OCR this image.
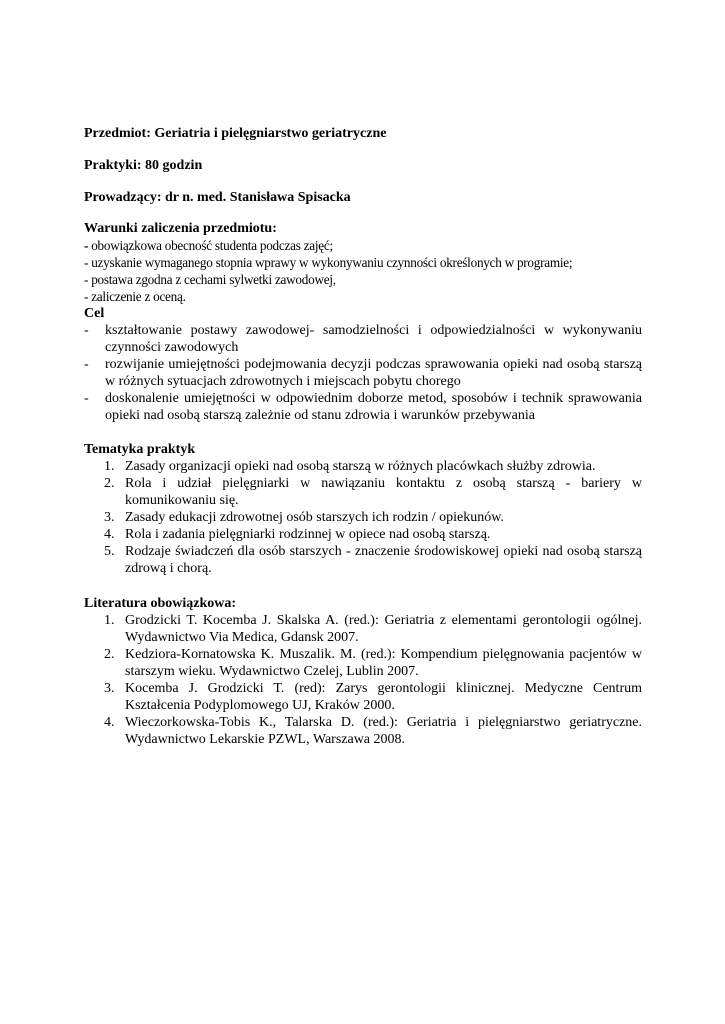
Przedmiot: Geriatria i pielęgniarstwo geriatryczne

Praktyki: 80 godzin

Prowadzący: dr n. med. Stanisława Spisacka

Warunki zaliczenia przedmiotu:

- obowiązkowa obecność studenta podczas zajęć;

- uzyskanie wymaganego stopnia wprawy w wykonywaniu czynności określonych w programie;

- postawa zgodna z cechami sylwetki zawodowej,

- zaliczenie z oceną.

Cel

- kształtowanie postawy zawodowej- samodzielności i odpowiedzialności w wykonywaniu czynności zawodowych
- rozwijanie umiejętności podejmowania decyzji podczas sprawowania opieki nad osobą starszą w różnych sytuacjach zdrowotnych i miejscach pobytu chorego
- doskonalenie umiejętności w odpowiednim doborze metod, sposobów i technik sprawowania opieki nad osobą starszą zależnie od stanu zdrowia i warunków przebywania

Tematyka praktyk

1. Zasady organizacji opieki nad osobą starszą w różnych placówkach służby zdrowia.
2. Rola i udział pielęgniarki w nawiązaniu kontaktu z osobą starszą - bariery w komunikowaniu się.
3. Zasady edukacji zdrowotnej osób starszych ich rodzin / opiekunów.
4. Rola i zadania pielęgniarki rodzinnej w opiece nad osobą starszą.
5. Rodzaje świadczeń dla osób starszych - znaczenie środowiskowej opieki nad osobą starszą zdrową i chorą.

Literatura obowiązkowa:

1. Grodzicki T. Kocemba J. Skalska A. (red.): Geriatria z elementami gerontologii ogólnej. Wydawnictwo Via Medica, Gdansk 2007.
2. Kedziora-Kornatowska K. Muszalik. M. (red.): Kompendium pielęgnowania pacjentów w starszym wieku. Wydawnictwo Czelej, Lublin 2007.
3. Kocemba J. Grodzicki T. (red): Zarys gerontologii klinicznej. Medyczne Centrum Kształcenia Podyplomowego UJ, Kraków 2000.
4. Wieczorkowska-Tobis K., Talarska D. (red.): Geriatria i pielęgniarstwo geriatryczne. Wydawnictwo Lekarskie PZWL, Warszawa 2008.
